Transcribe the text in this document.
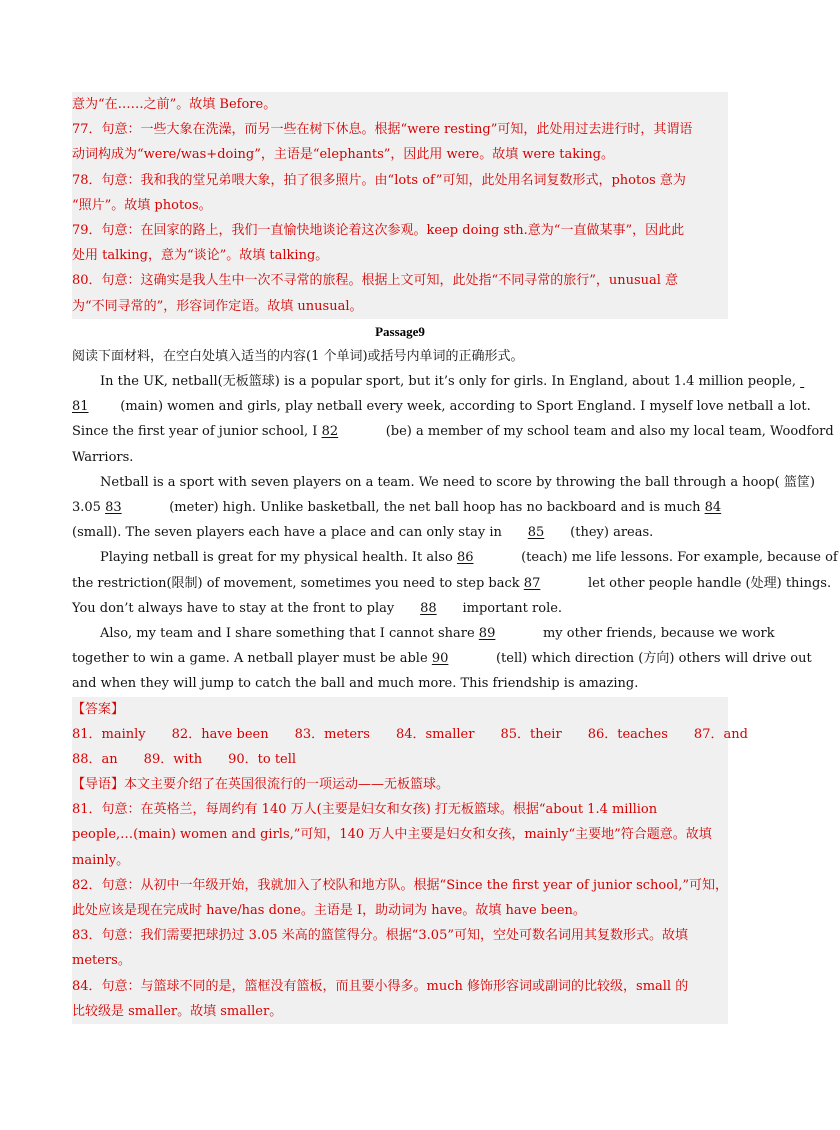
意为“在……之前”。故填 Before。
77．句意：一些大象在洗澡，而另一些在树下休息。根据“were resting”可知，此处用过去进行时，其谓语
动词构成为“were/was+doing”，主语是“elephants”，因此用 were。故填 were taking。
78．句意：我和我的堂兄弟喂大象，拍了很多照片。由“lots of”可知，此处用名词复数形式，photos 意为
“照片”。故填 photos。
79．句意：在回家的路上，我们一直愉快地谈论着这次参观。keep doing sth.意为“一直做某事”，因此此
处用 talking，意为“谈论”。故填 talking。
80．句意：这确实是我人生中一次不寻常的旅程。根据上文可知，此处指“不同寻常的旅行”，unusual 意
为“不同寻常的”，形容词作定语。故填 unusual。
Passage9
阅读下面材料，在空白处填入适当的内容(1 个单词)或括号内单词的正确形式。
In the UK, netball(无板篮球) is a popular sport, but it’s only for girls. In England, about 1.4 million people,
81 (main) women and girls, play netball every week, according to Sport England. I myself love netball a lot.
Since the first year of junior school, I 82	(be) a member of my school team and also my local team, Woodford
Warriors.
Netball is a sport with seven players on a team. We need to score by throwing the ball through a hoop( 篮筐)
3.05 83	(meter) high. Unlike basketball, the net ball hoop has no backboard and is much 84
(small). The seven players each have a place and can only stay in 85 (they) areas.
Playing netball is great for my physical health. It also 86	(teach) me life lessons. For example, because of
the restriction(限制) of movement, sometimes you need to step back 87	let other people handle (处理) things.
You don’t always have to stay at the front to play 88 important role.
Also, my team and I share something that I cannot share 89	my other friends, because we work
together to win a game. A netball player must be able 90	(tell) which direction (方向) others will drive out
and when they will jump to catch the ball and much more. This friendship is amazing.
【答案】
81．mainly 82．have been 83．meters 84．smaller 85．their 86．teaches 87．and
88．an 89．with 90．to tell
【导语】本文主要介绍了在英国很流行的一项运动——无板篮球。
81．句意：在英格兰，每周约有 140 万人(主要是妇女和女孩) 打无板篮球。根据“about 1.4 million
people,…(main) women and girls,”可知，140 万人中主要是妇女和女孩，mainly“主要地”符合题意。故填
mainly。
82．句意：从初中一年级开始，我就加入了校队和地方队。根据“Since the first year of junior school,”可知，
此处应该是现在完成时 have/has done。主语是 I，助动词为 have。故填 have been。
83．句意：我们需要把球扔过 3.05 米高的篮筐得分。根据“3.05”可知，空处可数名词用其复数形式。故填
meters。
84．句意：与篮球不同的是，篮框没有篮板，而且要小得多。much 修饰形容词或副词的比较级，small 的
比较级是 smaller。故填 smaller。
